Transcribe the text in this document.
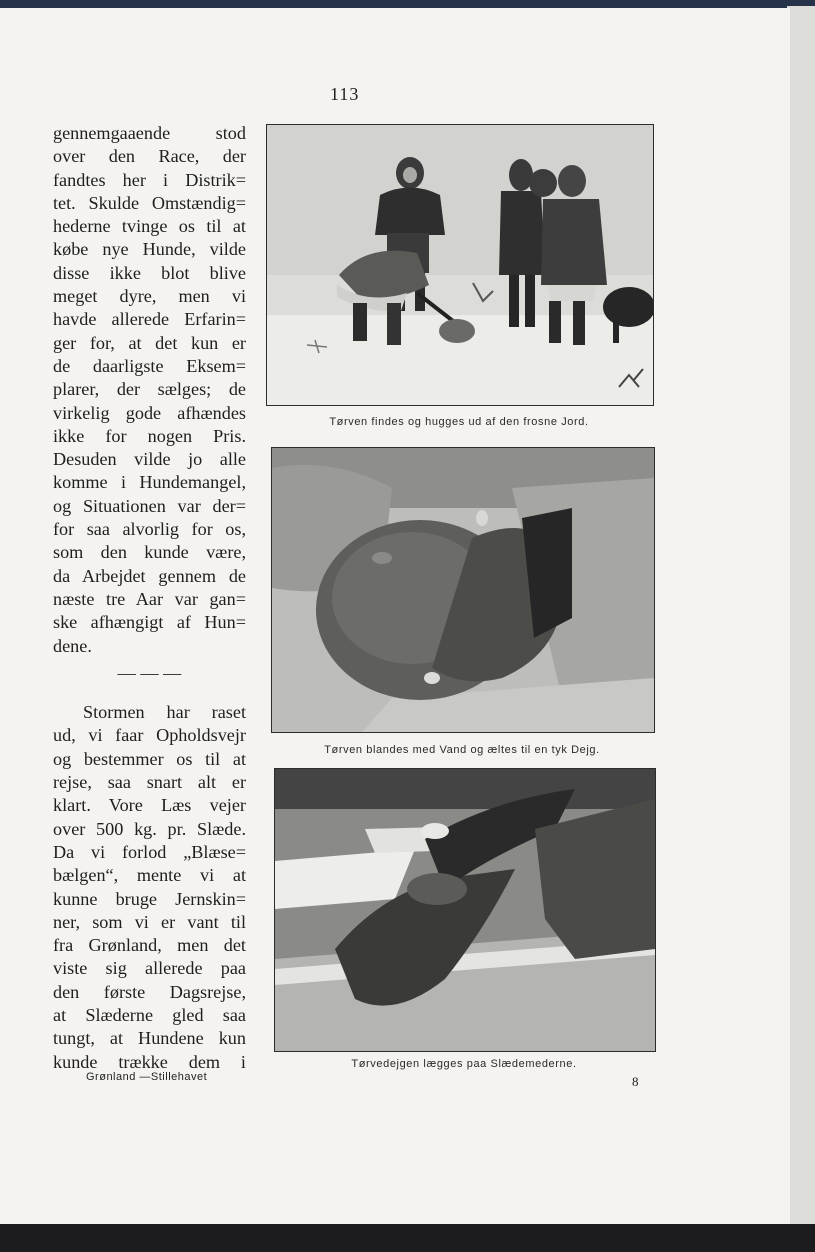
113
gennemgaaende stod
over den Race, der
fandtes her i Distrik=
tet. Skulde Omstændig=
hederne tvinge os til at
købe nye Hunde, vilde
disse ikke blot blive
meget dyre, men vi
havde allerede Erfarin=
ger for, at det kun er
de daarligste Eksem=
plarer, der sælges; de
virkelig gode afhændes
ikke for nogen Pris.
Desuden vilde jo alle
komme i Hundemangel,
og Situationen var der=
for saa alvorlig for os,
som den kunde være,
da Arbejdet gennem de
næste tre Aar var gan=
ske afhængigt af Hun=
dene.
— — —
Stormen har raset
ud, vi faar Opholdsvejr
og bestemmer os til at
rejse, saa snart alt er
klart. Vore Læs vejer
over 500 kg. pr. Slæde.
Da vi forlod „Blæse=
bælgen“, mente vi at
kunne bruge Jernskin=
ner, som vi er vant til
fra Grønland, men det
viste sig allerede paa
den første Dagsrejse,
at Slæderne gled saa
tungt, at Hundene kun
kunde trække dem i
Tørven findes og hugges ud af den frosne Jord.
Tørven blandes med Vand og æltes til en tyk Dejg.
Tørvedejgen lægges paa Slædemederne.
Grønland —Stillehavet	8
